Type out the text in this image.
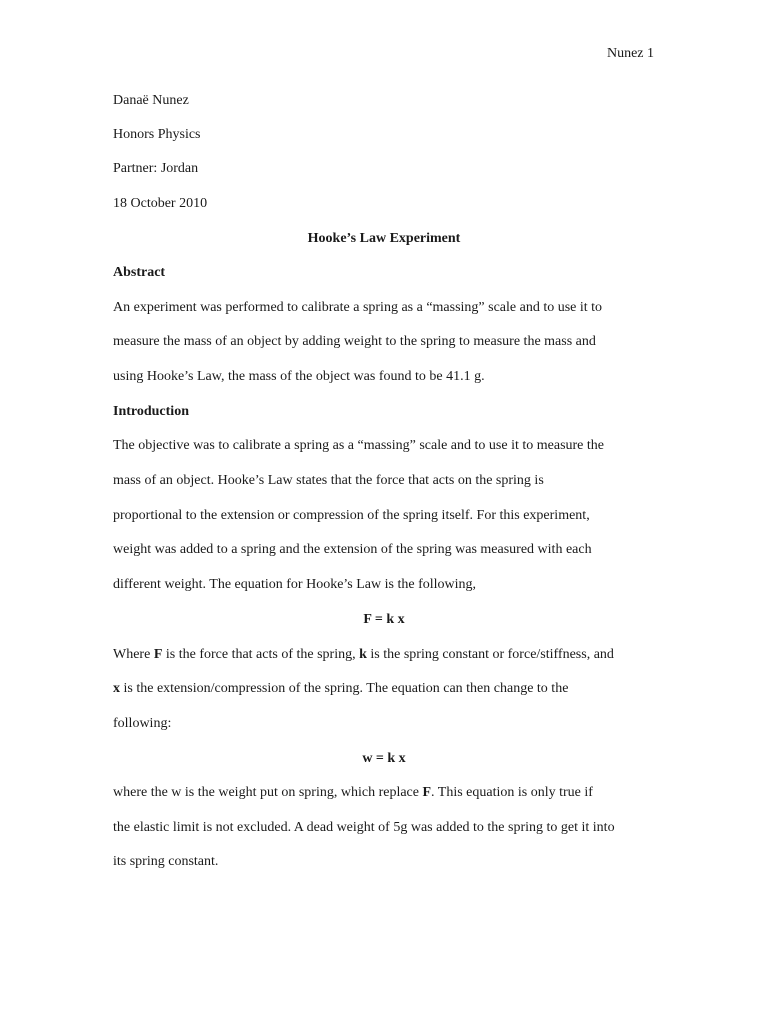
Nunez 1
Danaë Nunez
Honors Physics
Partner: Jordan
18 October 2010
Hooke’s Law Experiment
Abstract
An experiment was performed to calibrate a spring as a “massing” scale and to use it to
measure the mass of an object by adding weight to the spring to measure the mass and
using Hooke’s Law, the mass of the object was found to be 41.1 g.
Introduction
The objective was to calibrate a spring as a “massing” scale and to use it to measure the
mass of an object. Hooke’s Law states that the force that acts on the spring is
proportional to the extension or compression of the spring itself. For this experiment,
weight was added to a spring and the extension of the spring was measured with each
different weight. The equation for Hooke’s Law is the following,
F = k x
Where F is the force that acts of the spring, k is the spring constant or force/stiffness, and
x is the extension/compression of the spring. The equation can then change to the
following:
w = k x
where the w is the weight put on spring, which replace F. This equation is only true if
the elastic limit is not excluded. A dead weight of 5g was added to the spring to get it into
its spring constant.
